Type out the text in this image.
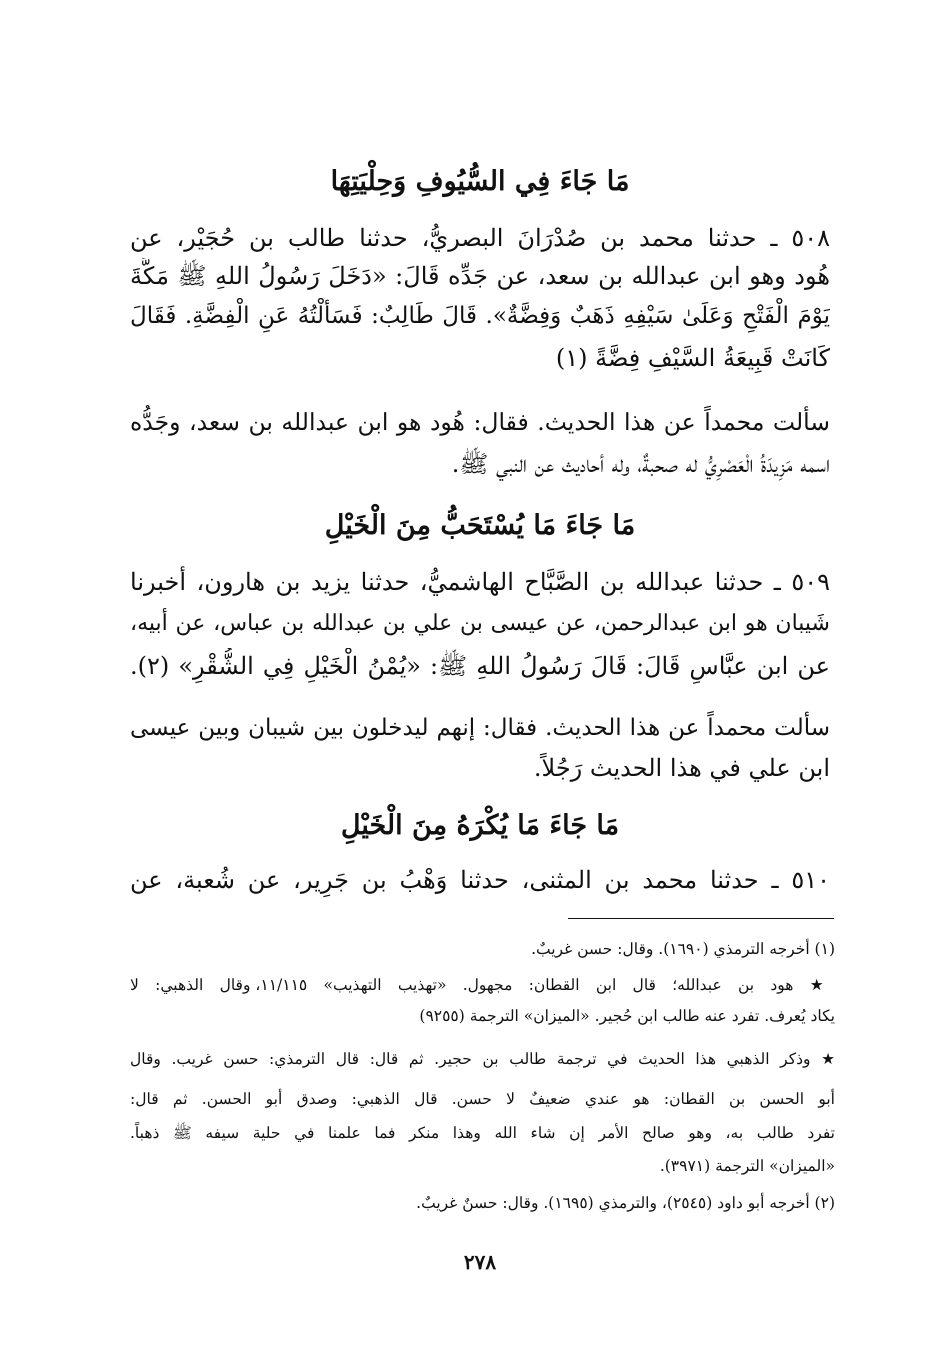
مَا جَاءَ فِي السُّيُوفِ وَحِلْيَتِهَا
٥٠٨ ـ حدثنا محمد بن صُدْرَانَ البصريُّ، حدثنا طالب بن حُجَيْر، عن
هُود وهو ابن عبدالله بن سعد، عن جَدِّه قَالَ: «دَخَلَ رَسُولُ اللهِ ﷺ مَكَّةَ
يَوْمَ الْفَتْحِ وَعَلَىٰ سَيْفِهِ ذَهَبٌ وَفِضَّةٌ». قَالَ طَالِبٌ: فَسَأَلْتُهُ عَنِ الْفِضَّةِ. فَقَالَ
كَانَتْ قَبِيعَةُ السَّيْفِ فِضَّةً (١)
سألت محمداً عن هذا الحديث. فقال: هُود هو ابن عبدالله بن سعد، وجَدُّه
اسمه مَزِيدَةُ الْعَصْرِيُّ له صحبةٌ، وله أحاديث عن النبي ﷺ.
مَا جَاءَ مَا يُسْتَحَبُّ مِنَ الْخَيْلِ
٥٠٩ ـ حدثنا عبدالله بن الصَّبَّاح الهاشميُّ، حدثنا يزيد بن هارون، أخبرنا
شَيبان هو ابن عبدالرحمن، عن عيسى بن علي بن عبدالله بن عباس، عن أبيه،
عن ابن عبَّاسٍ قَالَ: قَالَ رَسُولُ اللهِ ﷺ: «يُمْنُ الْخَيْلِ فِي الشُّقْرِ» (٢).
سألت محمداً عن هذا الحديث. فقال: إنهم ليدخلون بين شيبان وبين عيسى
ابن علي في هذا الحديث رَجُلاً.
مَا جَاءَ مَا يُكْرَهُ مِنَ الْخَيْلِ
٥١٠ ـ حدثنا محمد بن المثنى، حدثنا وَهْبُ بن جَرِير، عن شُعبة، عن
(١) أخرجه الترمذي (١٦٩٠). وقال: حسن غريبٌ.
★ هود بن عبدالله؛ قال ابن القطان: مجهول. «تهذيب التهذيب» ١١/١١٥، وقال الذهبي: لا
يكاد يُعرف. تفرد عنه طالب ابن حُجير. «الميزان» الترجمة (٩٢٥٥)
★ وذكر الذهبي هذا الحديث في ترجمة طالب بن حجير. ثم قال: قال الترمذي: حسن غريب. وقال
أبو الحسن بن القطان: هو عندي ضعيفٌ لا حسن. قال الذهبي: وصدق أبو الحسن. ثم قال:
تفرد طالب به، وهو صالح الأمر إن شاء الله وهذا منكر فما علمنا في حلية سيفه ﷺ ذهباً.
«الميزان» الترجمة (٣٩٧١).
(٢) أخرجه أبو داود (٢٥٤٥)، والترمذي (١٦٩٥). وقال: حسنٌ غريبٌ.
٢٧٨
